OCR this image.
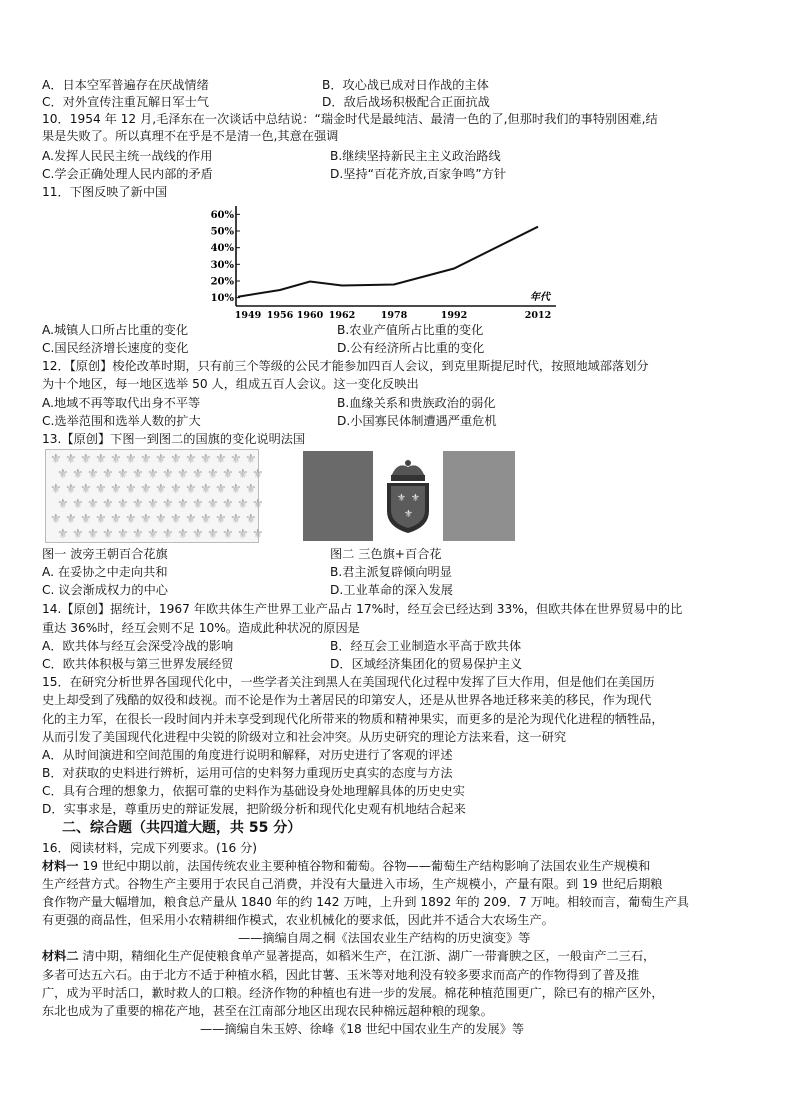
A．日本空军普遍存在厌战情绪	B．攻心战已成对日作战的主体
C．对外宣传注重瓦解日军士气	D．敌后战场积极配合正面抗战
10．1954 年 12 月,毛泽东在一次谈话中总结说：“瑞金时代是最纯洁、最清一色的了,但那时我们的事特别困难,结
果是失败了。所以真理不在乎是不是清一色,其意在强调
A.发挥人民民主统一战线的作用	B.继续坚持新民主主义政治路线
C.学会正确处理人民内部的矛盾	D.坚持“百花齐放,百家争鸣”方针
11．下图反映了新中国
年代
10%
20%
30%
40%
50%
60%
1949 1956 1960 1962	1978	1992	2012
A.城镇人口所占比重的变化	B.农业产值所占比重的变化
C.国民经济增长速度的变化	D.公有经济所占比重的变化
12．【原创】梭伦改革时期，只有前三个等级的公民才能参加四百人会议，到克里斯提尼时代，按照地域部落划分
为十个地区，每一地区选举 50 人，组成五百人会议。这一变化反映出
A.地域不再等取代出身不平等	B.血缘关系和贵族政治的弱化
C.选举范围和选举人数的扩大	D.小国寡民体制遭遇严重危机
13.【原创】下图一到图二的国旗的变化说明法国
⚜ ⚜ ⚜ ⚜ ⚜ ⚜ ⚜ ⚜ ⚜ ⚜ ⚜ ⚜ ⚜ ⚜
⚜ ⚜ ⚜ ⚜ ⚜ ⚜ ⚜ ⚜ ⚜ ⚜ ⚜ ⚜ ⚜ ⚜
⚜ ⚜ ⚜ ⚜ ⚜ ⚜ ⚜ ⚜ ⚜ ⚜ ⚜ ⚜ ⚜ ⚜
⚜ ⚜ ⚜ ⚜ ⚜ ⚜ ⚜ ⚜ ⚜ ⚜ ⚜ ⚜ ⚜ ⚜
⚜ ⚜ ⚜ ⚜ ⚜ ⚜ ⚜ ⚜ ⚜ ⚜ ⚜ ⚜ ⚜ ⚜
⚜ ⚜ ⚜ ⚜ ⚜ ⚜ ⚜ ⚜ ⚜ ⚜ ⚜ ⚜ ⚜ ⚜
⚜ ⚜
⚜
图一 波旁王朝百合花旗	图二 三色旗+百合花
A. 在妥协之中走向共和	B.君主派复辟倾向明显
C. 议会渐成权力的中心	D.工业革命的深入发展
14.【原创】据统计，1967 年欧共体生产世界工业产品占 17%时，经互会已经达到 33%，但欧共体在世界贸易中的比
重达 36%时，经互会则不足 10%。造成此种状况的原因是
A．欧共体与经互会深受冷战的影响	B．经互会工业制造水平高于欧共体
C．欧共体积极与第三世界发展经贸	D．区域经济集团化的贸易保护主义
15．在研究分析世界各国现代化中，一些学者关注到黑人在美国现代化过程中发挥了巨大作用，但是他们在美国历
史上却受到了残酷的奴役和歧视。而不论是作为土著居民的印第安人，还是从世界各地迁移来美的移民，作为现代
化的主力军，在很长一段时间内并未享受到现代化所带来的物质和精神果实，而更多的是沦为现代化进程的牺牲品，
从而引发了美国现代化进程中尖锐的阶级对立和社会冲突。从历史研究的理论方法来看，这一研究
A．从时间演进和空间范围的角度进行说明和解释，对历史进行了客观的评述
B．对获取的史料进行辨析，运用可信的史料努力重现历史真实的态度与方法
C．具有合理的想象力，依据可靠的史料作为基础设身处地理解具体的历史史实
D．实事求是，尊重历史的辩证发展，把阶级分析和现代化史观有机地结合起来
二、综合题（共四道大题，共 55 分）
16．阅读材料，完成下列要求。(16 分)
材料一 19 世纪中期以前，法国传统农业主要种植谷物和葡萄。谷物——葡萄生产结构影响了法国农业生产规模和
生产经营方式。谷物生产主要用于农民自己消费，并没有大量进入市场，生产规模小，产量有限。到 19 世纪后期粮
食作物产量大幅增加，粮食总产量从 1840 年的约 142 万吨，上升到 1892 年的 209．7 万吨。相较而言，葡萄生产具
有更强的商品性，但采用小农精耕细作模式，农业机械化的要求低，因此并不适合大农场生产。
——摘编自周之桐《法国农业生产结构的历史演变》等
材料二 清中期，精细化生产促使粮食单产显著提高，如稻米生产，在江浙、湖广一带膏腴之区，一般亩产二三石，
多者可达五六石。由于北方不适于种植水稻，因此甘薯、玉米等对地利没有较多要求而高产的作物得到了普及推
广，成为平时活口，歉时救人的口粮。经济作物的种植也有进一步的发展。棉花种植范围更广，除已有的棉产区外，
东北也成为了重要的棉花产地，甚至在江南部分地区出现农民种棉远超种粮的现象。
——摘编自朱玉婷、徐峰《18 世纪中国农业生产的发展》等
